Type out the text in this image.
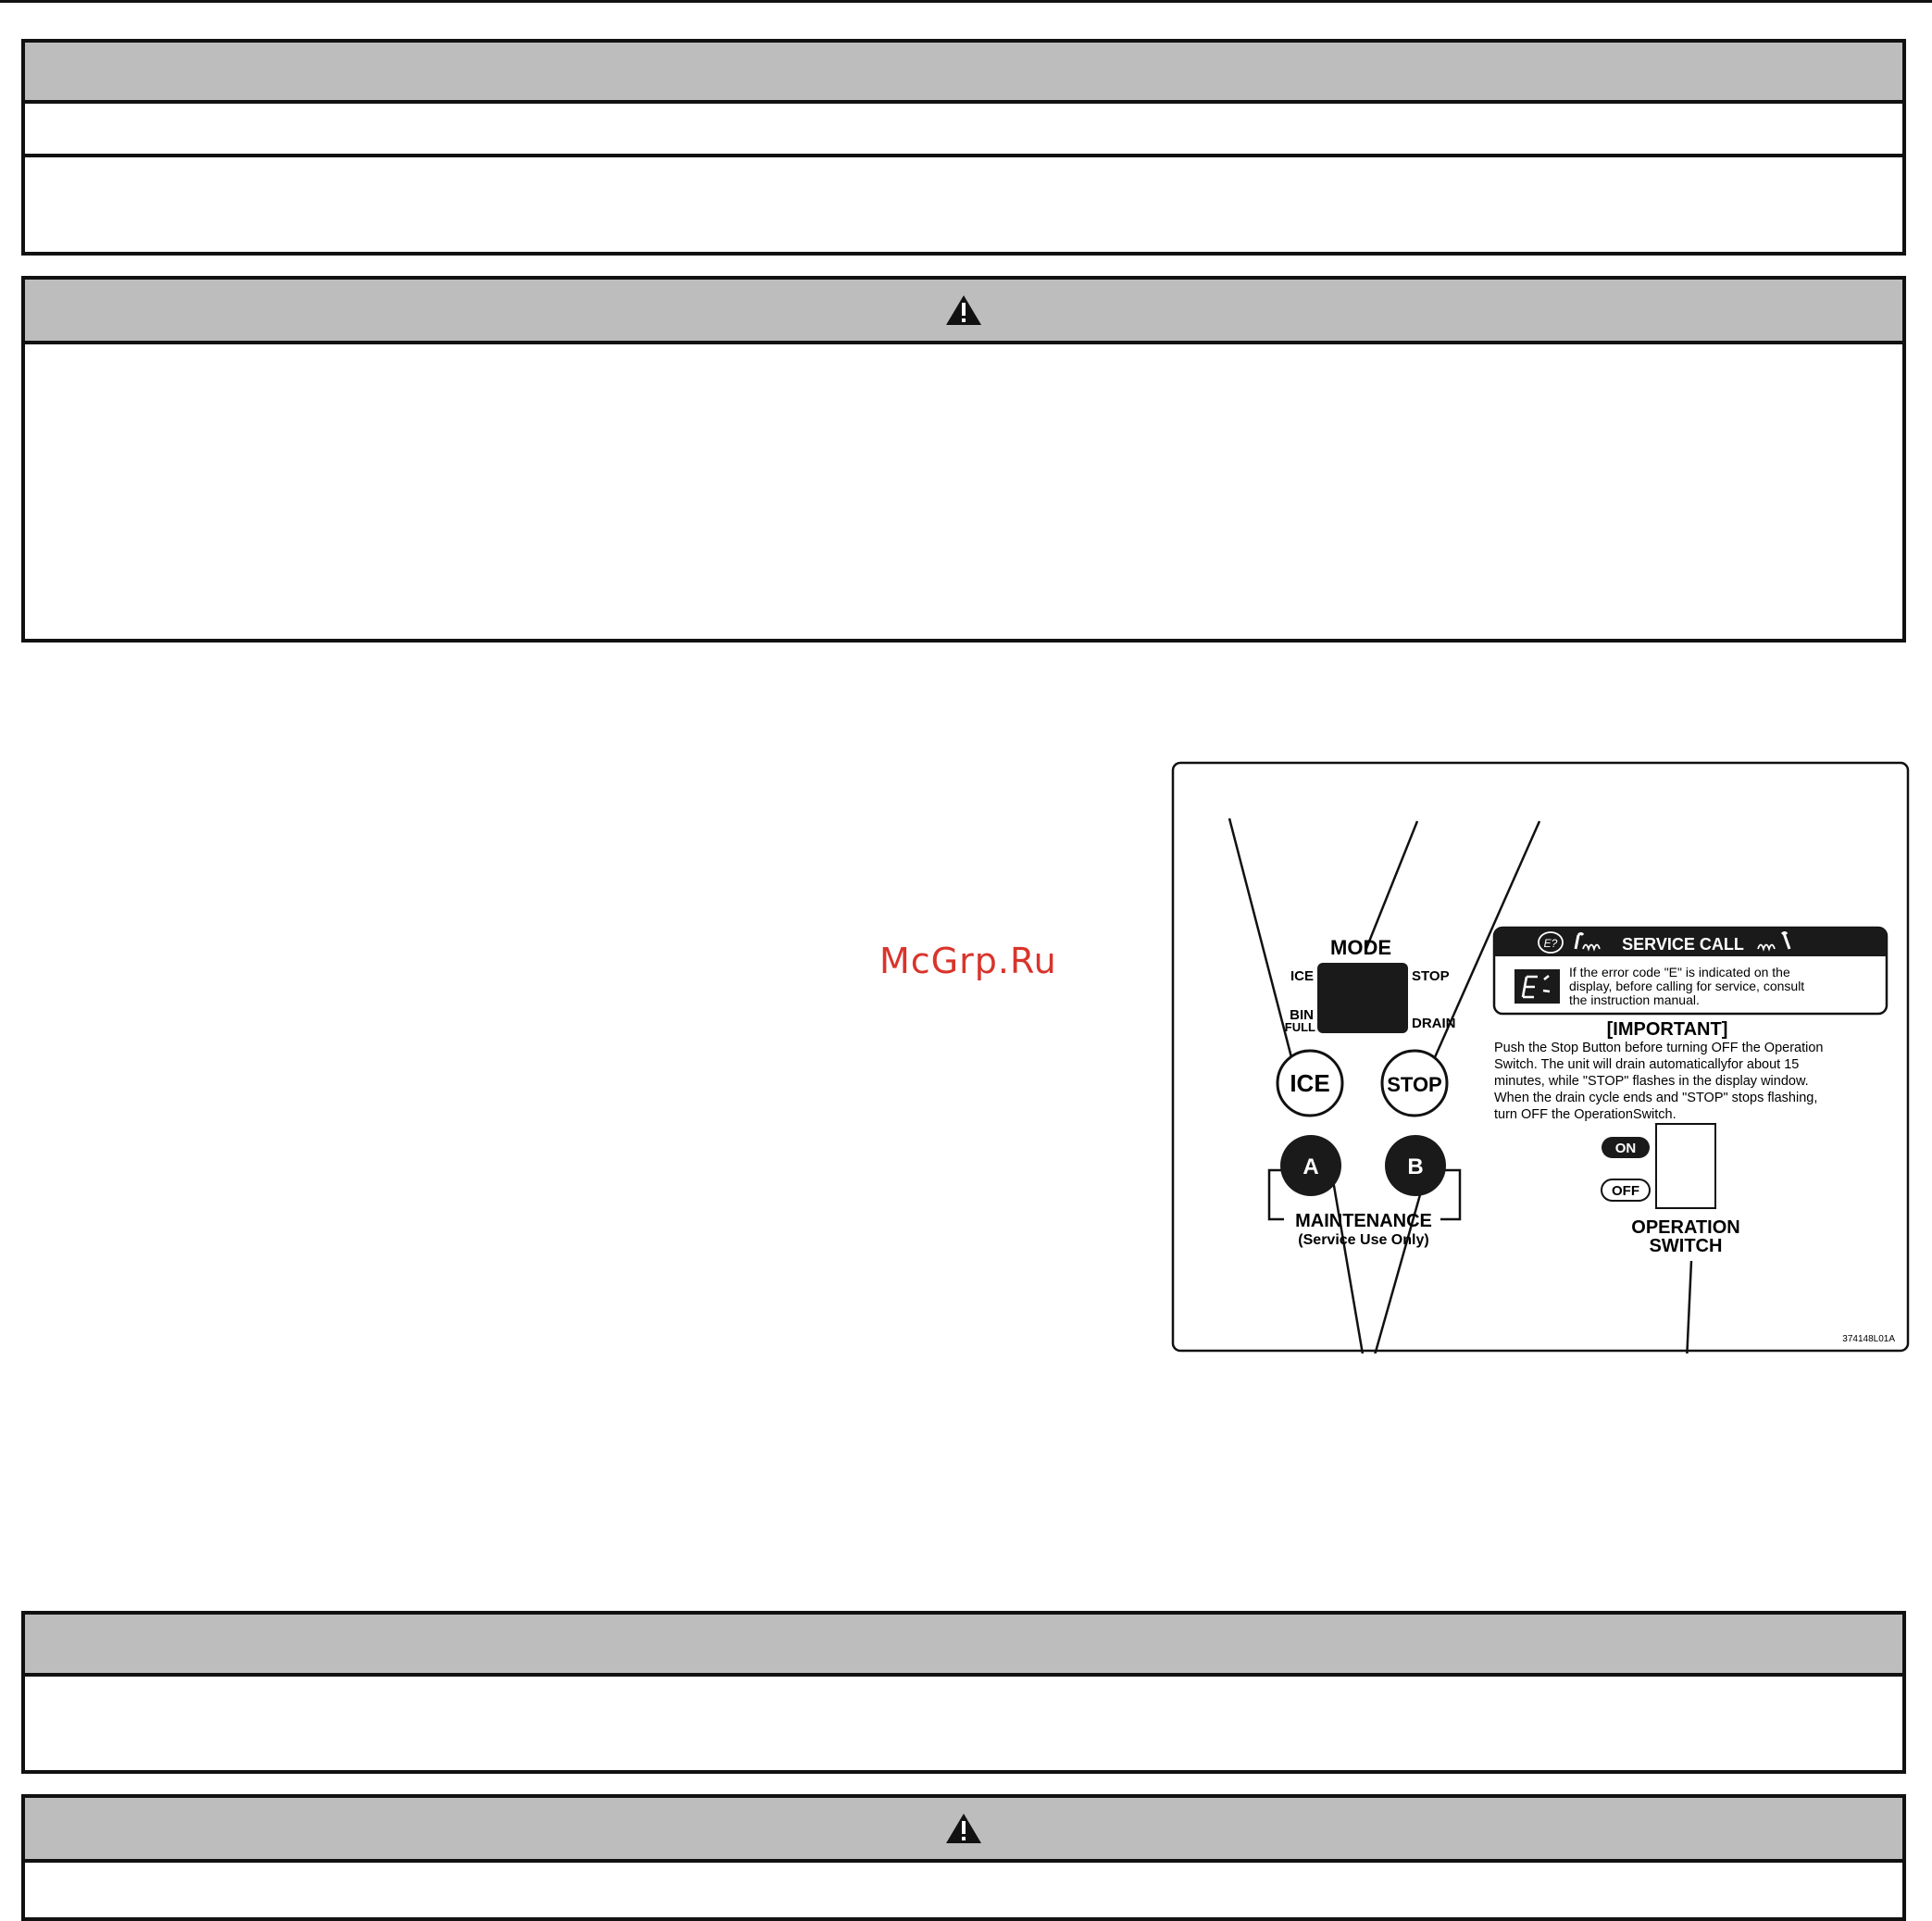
McGrp.Ru	MODE
ICE	STOP
BIN
FULL	DRAIN
ICE	STOP
A	B
MAINTENANCE
(Service Use Only)
E?	SERVICE CALL
If the error code "E" is indicated on the
display, before calling for service, consult
the instruction manual.
[IMPORTANT]
Push the Stop Button before turning OFF the Operation
Switch. The unit will drain automaticallyfor about 15
minutes, while "STOP" flashes in the display window.
When the drain cycle ends and "STOP" stops flashing,
turn OFF the OperationSwitch.
ON
OFF
OPERATION
SWITCH
374148L01A
